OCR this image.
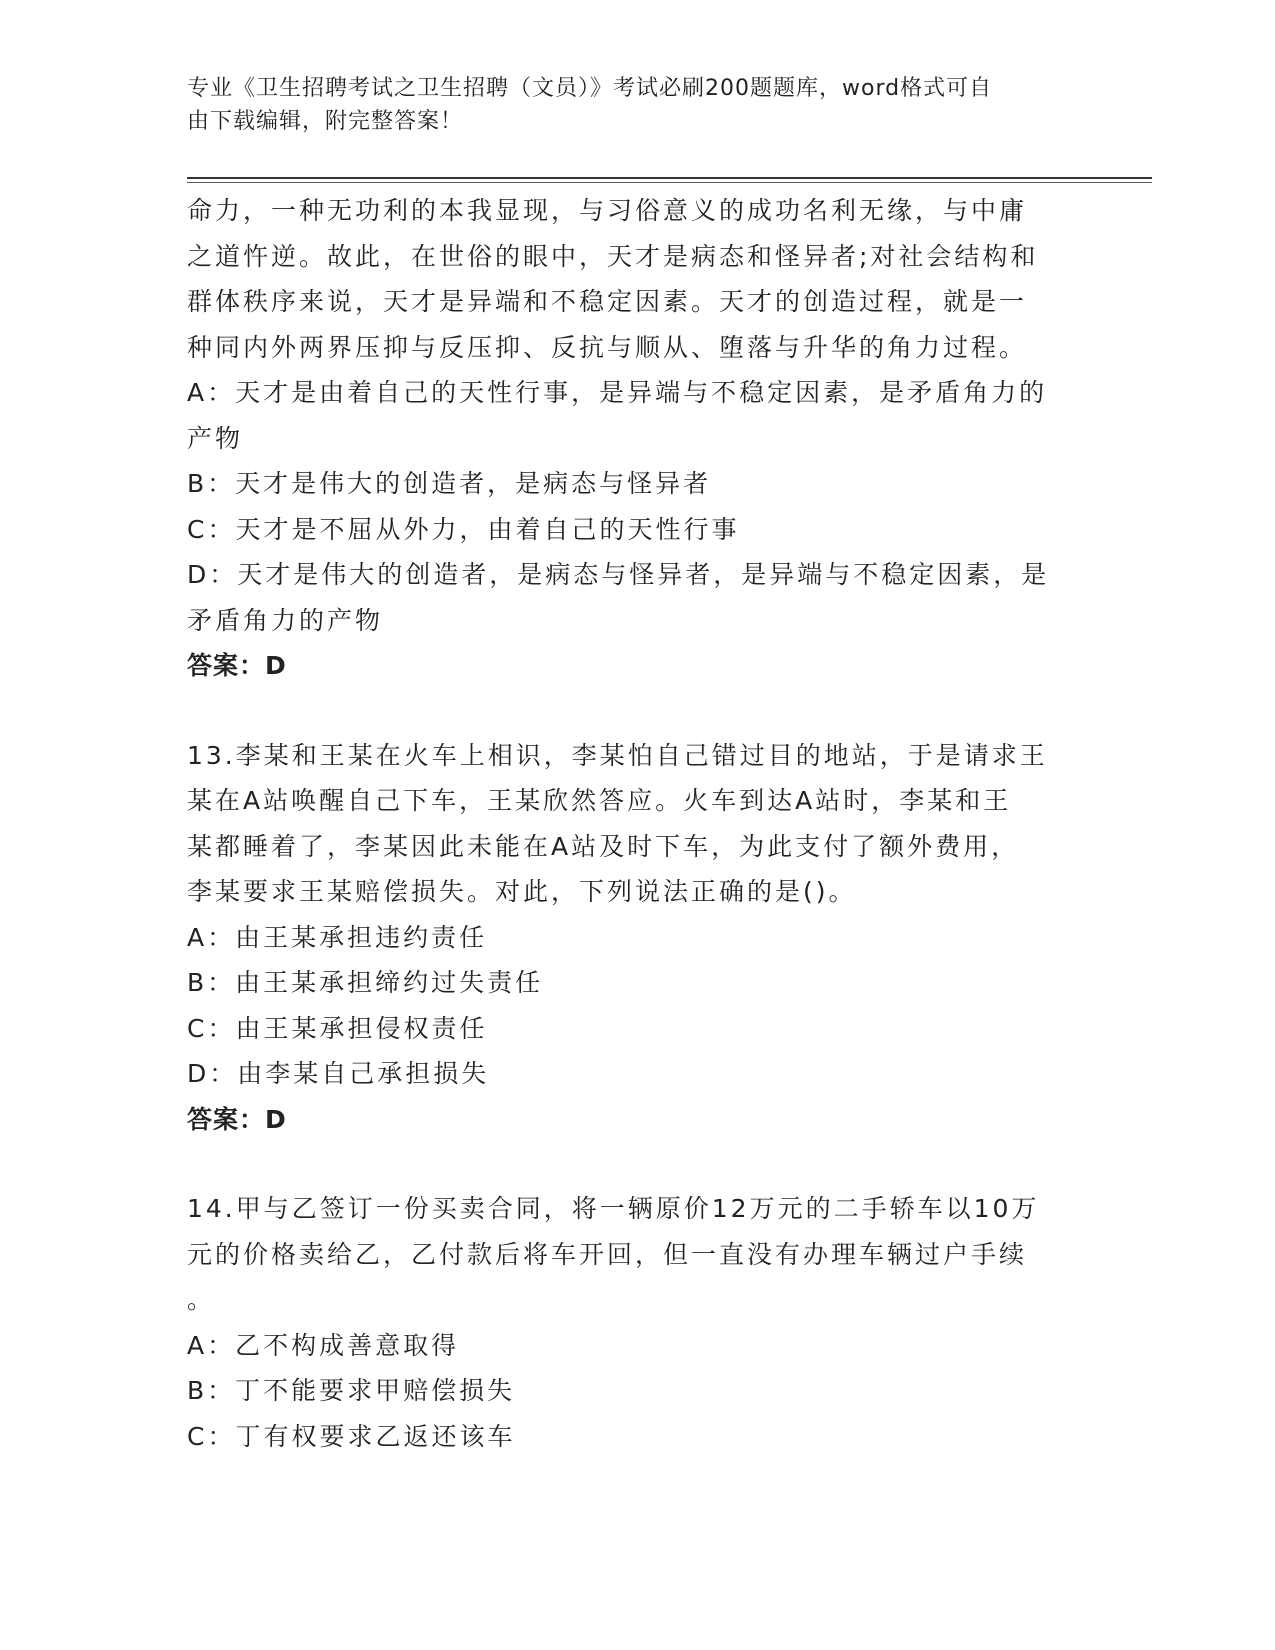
专业《卫生招聘考试之卫生招聘（文员）》考试必刷200题题库，word格式可自
由下载编辑，附完整答案！
命力，一种无功利的本我显现，与习俗意义的成功名利无缘，与中庸
之道忤逆。故此，在世俗的眼中，天才是病态和怪异者;对社会结构和
群体秩序来说，天才是异端和不稳定因素。天才的创造过程，就是一
种同内外两界压抑与反压抑、反抗与顺从、堕落与升华的角力过程。
A：天才是由着自己的天性行事，是异端与不稳定因素，是矛盾角力的
产物
B：天才是伟大的创造者，是病态与怪异者
C：天才是不屈从外力，由着自己的天性行事
D：天才是伟大的创造者，是病态与怪异者，是异端与不稳定因素，是
矛盾角力的产物
答案：D
13.李某和王某在火车上相识，李某怕自己错过目的地站，于是请求王
某在A站唤醒自己下车，王某欣然答应。火车到达A站时，李某和王
某都睡着了，李某因此未能在A站及时下车，为此支付了额外费用，
李某要求王某赔偿损失。对此，下列说法正确的是()。
A：由王某承担违约责任
B：由王某承担缔约过失责任
C：由王某承担侵权责任
D：由李某自己承担损失
答案：D
14.甲与乙签订一份买卖合同，将一辆原价12万元的二手轿车以10万
元的价格卖给乙，乙付款后将车开回，但一直没有办理车辆过户手续
。
A：乙不构成善意取得
B：丁不能要求甲赔偿损失
C：丁有权要求乙返还该车
